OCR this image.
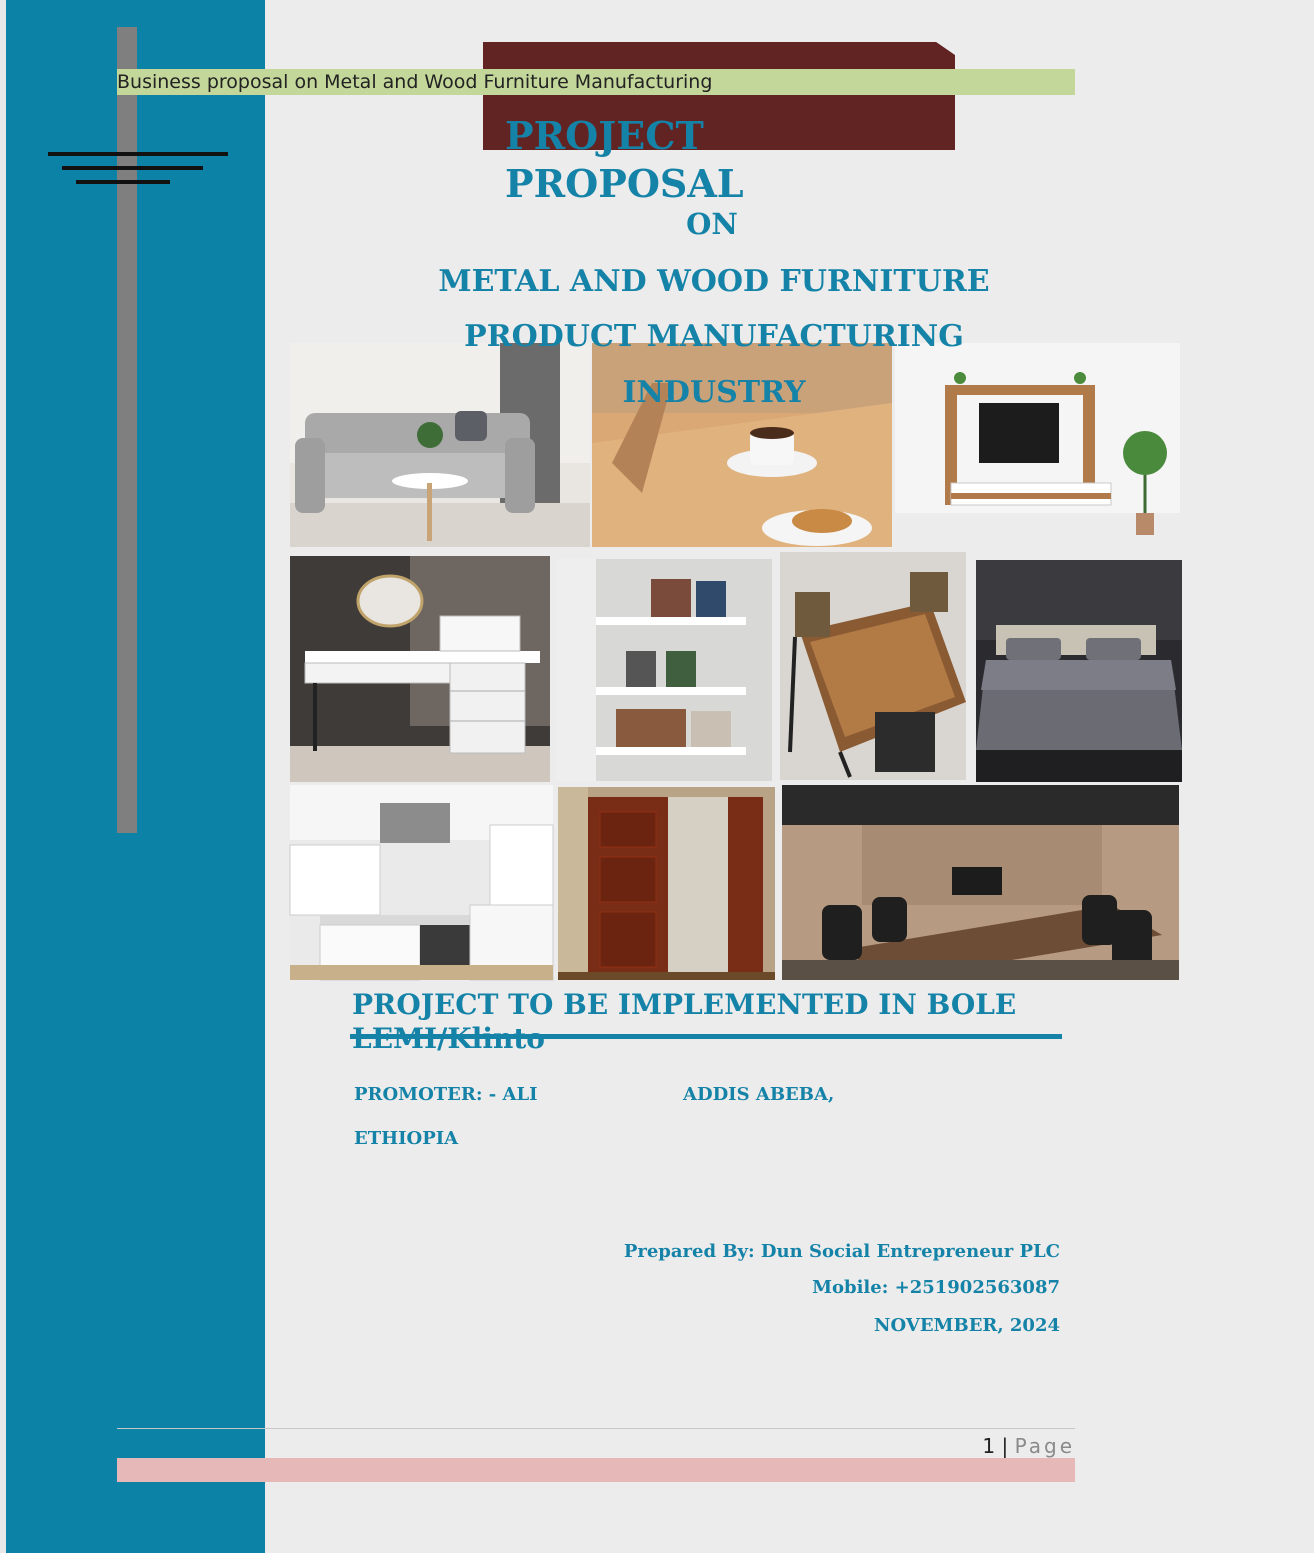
Business proposal on Metal and Wood Furniture Manufacturing

PROJECT

PROPOSAL

ON
METAL AND WOOD FURNITURE
PRODUCT MANUFACTURING
INDUSTRY
PROJECT TO BE IMPLEMENTED IN BOLE
PROMOTER: - ALI	ADDIS ABEBA,
ETHIOPIA
Prepared By: Dun Social Entrepreneur PLC
Mobile: +251902563087
NOVEMBER, 2024
1 | Page
